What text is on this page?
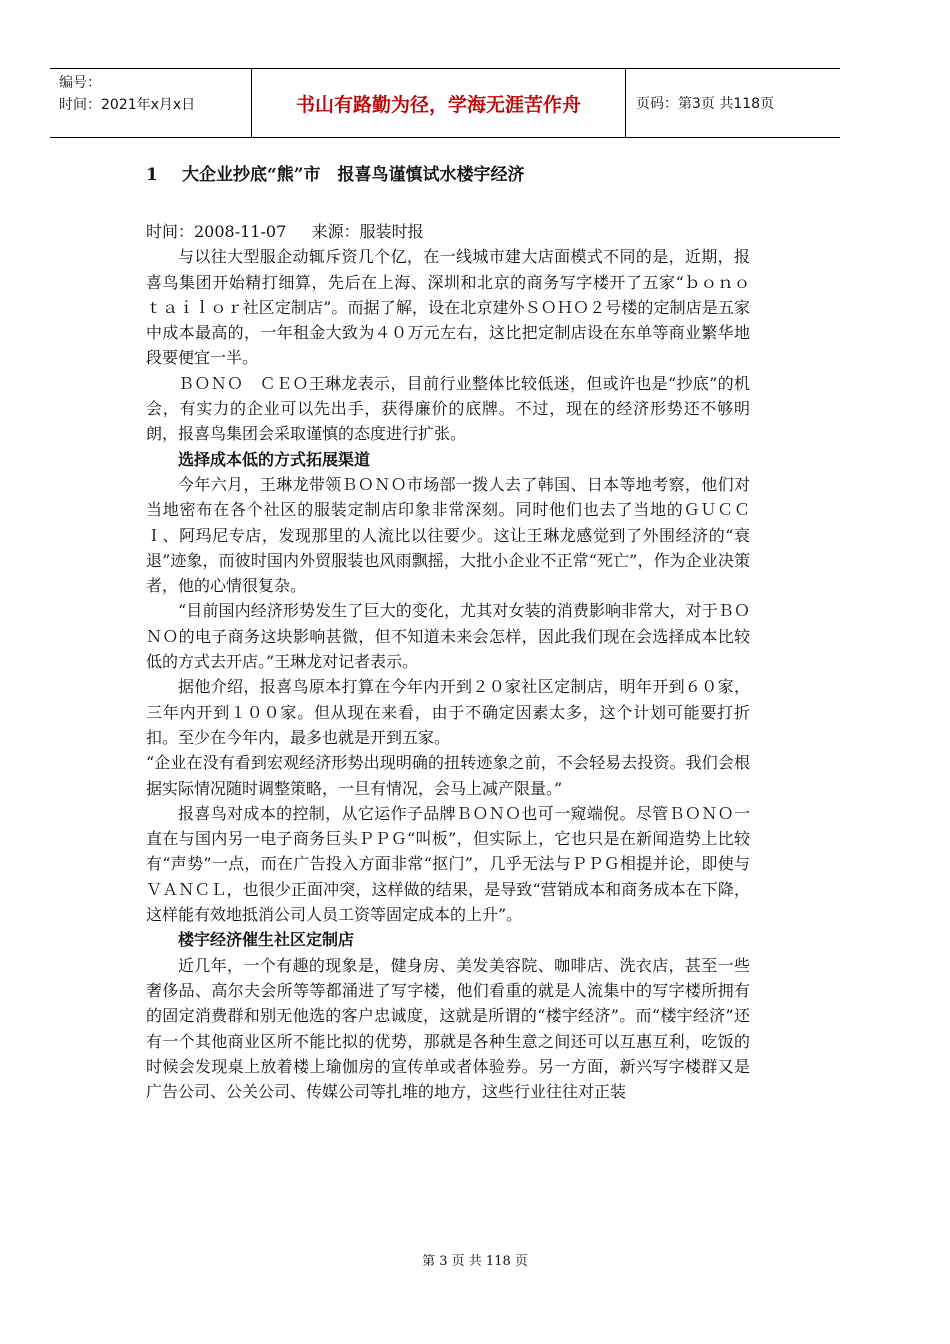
编号：
时间：2021年x月x日	书山有路勤为径，学海无涯苦作舟	页码：第3页 共118页
1 大企业抄底“熊”市　报喜鸟谨慎试水楼宇经济
时间：2008-11-07     来源：服装时报
与以往大型服企动辄斥资几个亿，在一线城市建大店面模式不同的是，近期，报喜鸟集团开始精打细算，先后在上海、深圳和北京的商务写字楼开了五家“ｂｏｎｏ　ｔａｉｌｏｒ社区定制店”。而据了解，设在北京建外ＳＯＨＯ２号楼的定制店是五家中成本最高的，一年租金大致为４０万元左右，这比把定制店设在东单等商业繁华地段要便宜一半。
ＢＯＮＯ　ＣＥＯ王琳龙表示，目前行业整体比较低迷，但或许也是“抄底”的机会，有实力的企业可以先出手，获得廉价的底牌。不过，现在的经济形势还不够明朗，报喜鸟集团会采取谨慎的态度进行扩张。
选择成本低的方式拓展渠道
今年六月，王琳龙带领ＢＯＮＯ市场部一拨人去了韩国、日本等地考察，他们对当地密布在各个社区的服装定制店印象非常深刻。同时他们也去了当地的ＧＵＣＣＩ、阿玛尼专店，发现那里的人流比以往要少。这让王琳龙感觉到了外围经济的“衰退”迹象，而彼时国内外贸服装也风雨飘摇，大批小企业不正常“死亡”，作为企业决策者，他的心情很复杂。
“目前国内经济形势发生了巨大的变化，尤其对女装的消费影响非常大，对于ＢＯＮＯ的电子商务这块影响甚微，但不知道未来会怎样，因此我们现在会选择成本比较低的方式去开店。”王琳龙对记者表示。
据他介绍，报喜鸟原本打算在今年内开到２０家社区定制店，明年开到６０家，三年内开到１００家。但从现在来看，由于不确定因素太多，这个计划可能要打折扣。至少在今年内，最多也就是开到五家。
“企业在没有看到宏观经济形势出现明确的扭转迹象之前，不会轻易去投资。我们会根据实际情况随时调整策略，一旦有情况，会马上减产限量。”
报喜鸟对成本的控制，从它运作子品牌ＢＯＮＯ也可一窥端倪。尽管ＢＯＮＯ一直在与国内另一电子商务巨头ＰＰＧ“叫板”，但实际上，它也只是在新闻造势上比较有“声势”一点，而在广告投入方面非常“抠门”，几乎无法与ＰＰＧ相提并论，即使与ＶＡＮＣＬ，也很少正面冲突，这样做的结果，是导致“营销成本和商务成本在下降，这样能有效地抵消公司人员工资等固定成本的上升”。
楼宇经济催生社区定制店
近几年，一个有趣的现象是，健身房、美发美容院、咖啡店、洗衣店，甚至一些奢侈品、高尔夫会所等等都涌进了写字楼，他们看重的就是人流集中的写字楼所拥有的固定消费群和别无他选的客户忠诚度，这就是所谓的“楼宇经济”。而“楼宇经济”还有一个其他商业区所不能比拟的优势，那就是各种生意之间还可以互惠互利，吃饭的时候会发现桌上放着楼上瑜伽房的宣传单或者体验券。另一方面，新兴写字楼群又是广告公司、公关公司、传媒公司等扎堆的地方，这些行业往往对正装
第 3 页 共 118 页
